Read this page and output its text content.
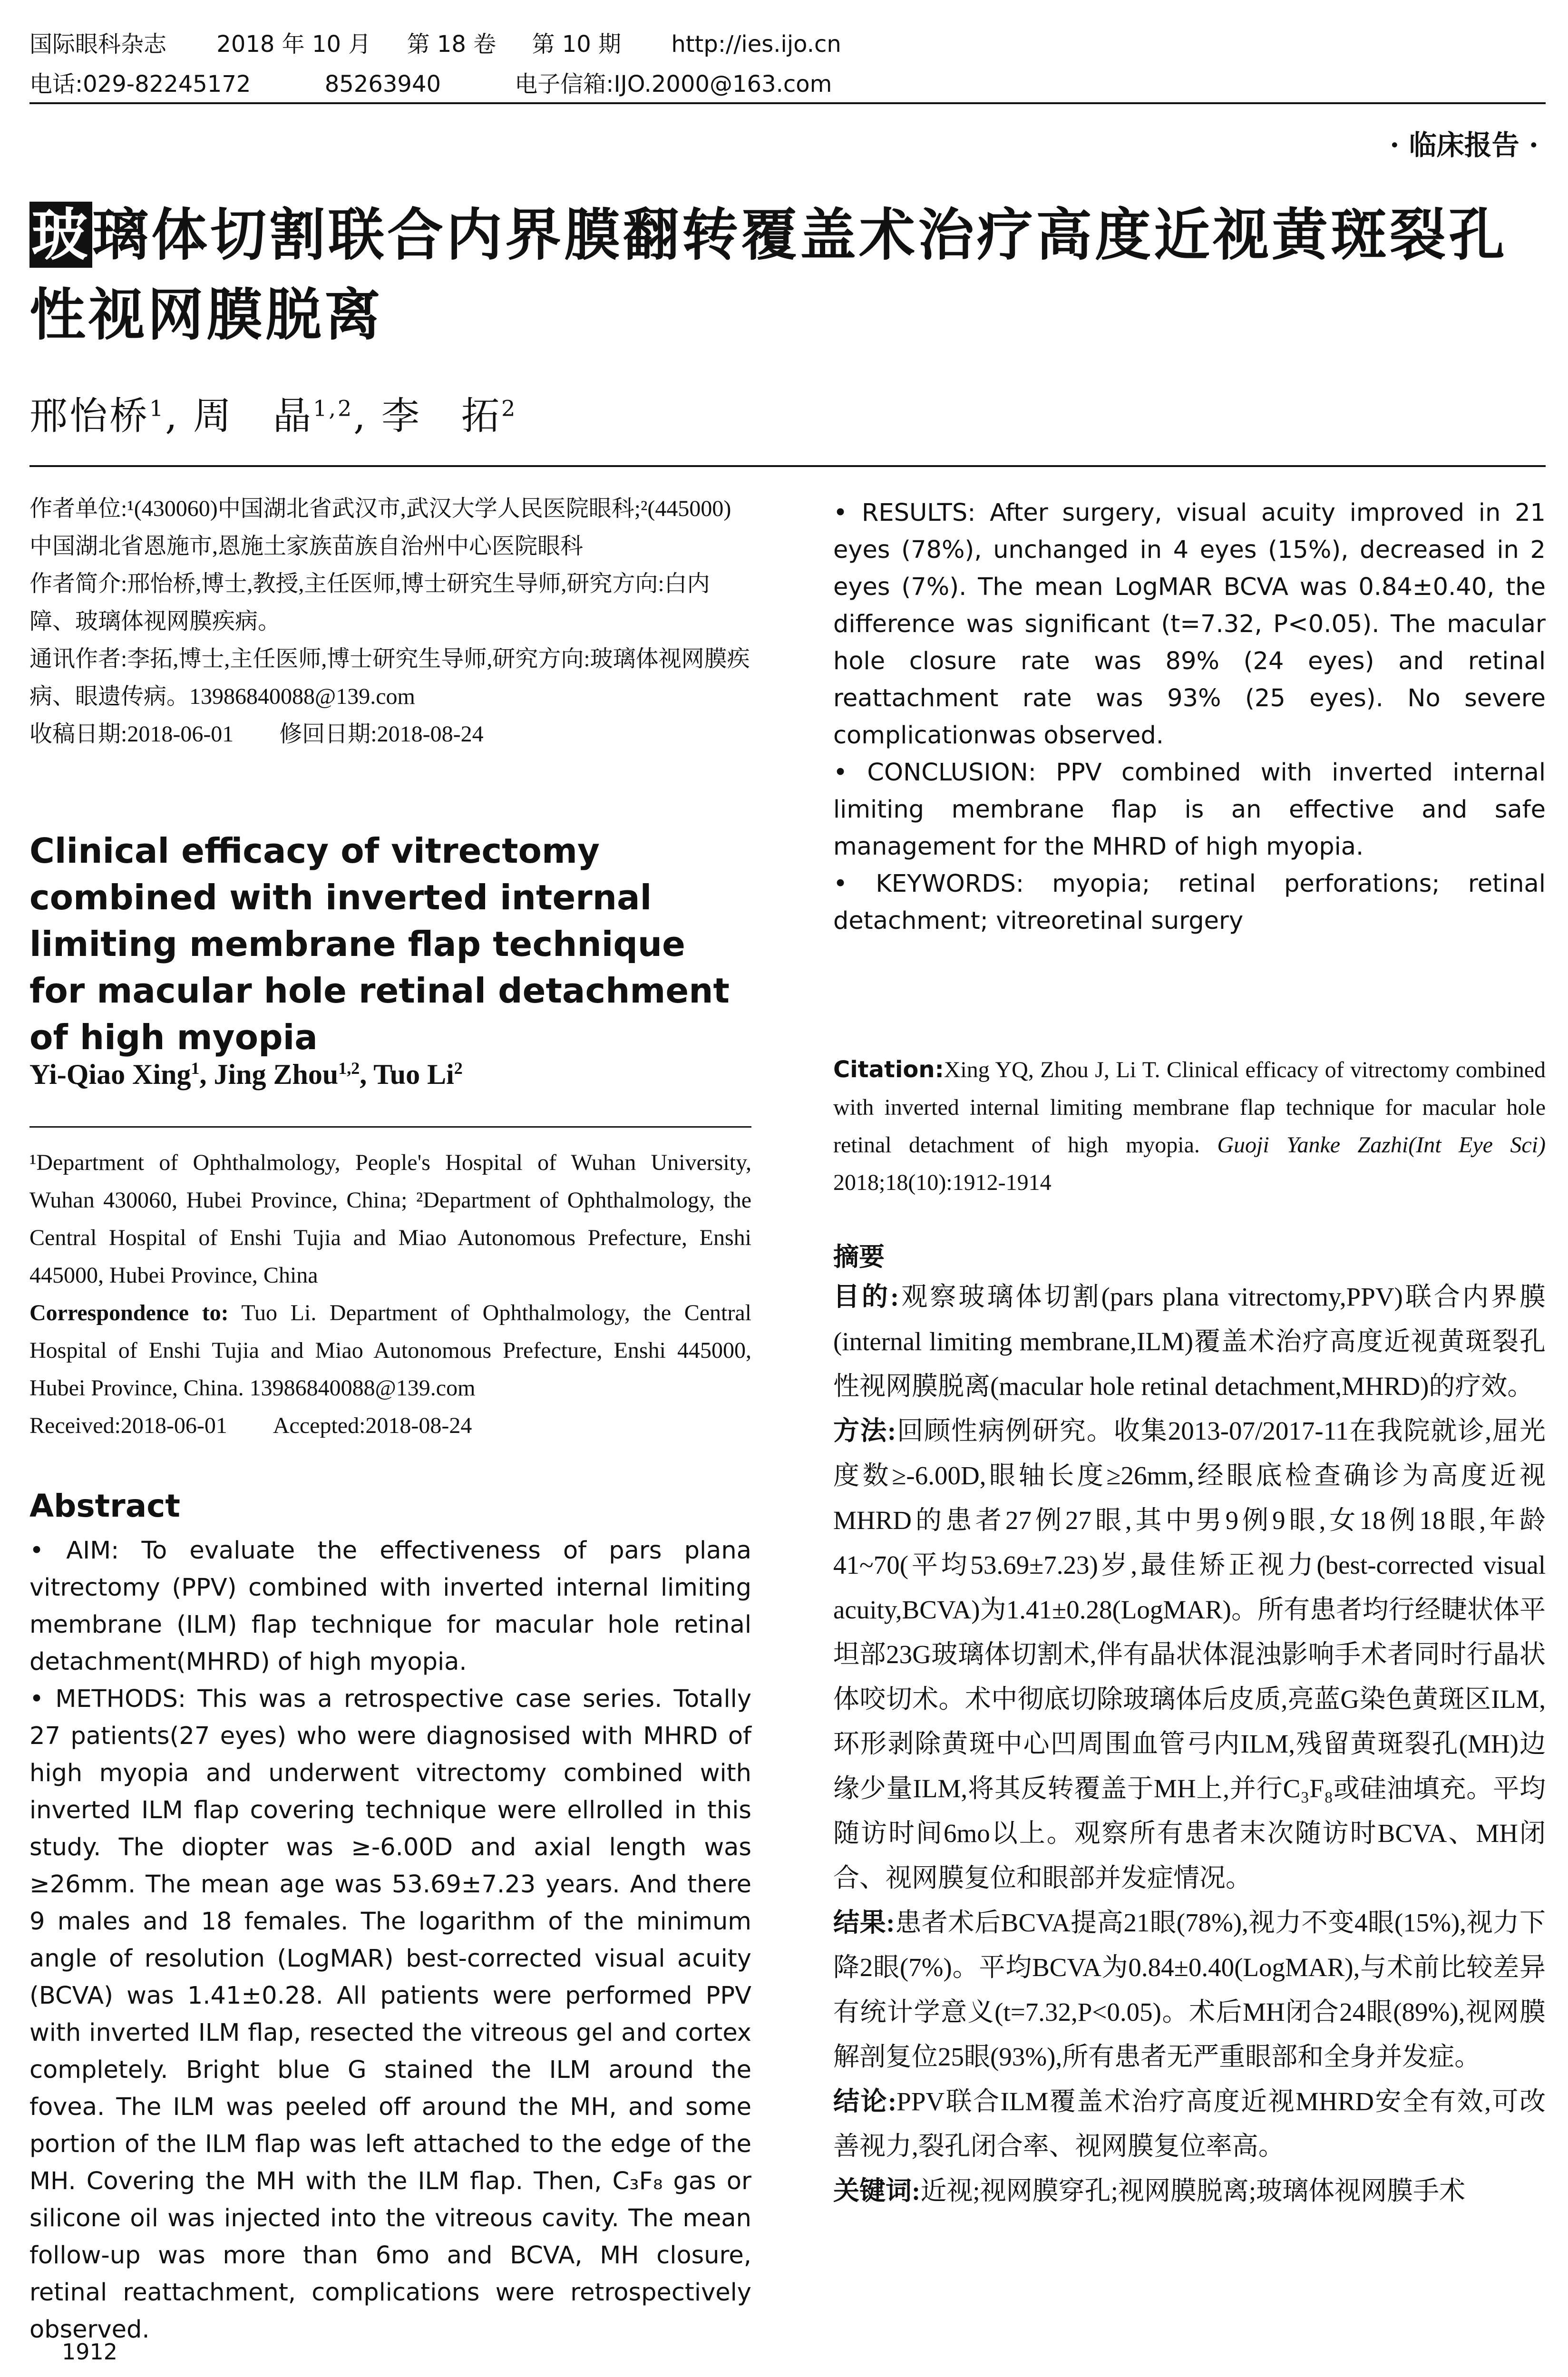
国际眼科杂志 2018 年 10 月 第 18 卷 第 10 期 http://ies.ijo.cn
电话:029-82245172	85263940	电子信箱:IJO.2000@163.com
· 临床报告 ·
玻璃体切割联合内界膜翻转覆盖术治疗高度近视黄斑裂孔性视网膜脱离
邢怡桥$^1$, 周　晶$^{1,2}$, 李　拓$^2$

作者单位:¹(430060)中国湖北省武汉市,武汉大学人民医院眼科;²(445000)中国湖北省恩施市,恩施土家族苗族自治州中心医院眼科

作者简介:邢怡桥,博士,教授,主任医师,博士研究生导师,研究方向:白内障、玻璃体视网膜疾病。

通讯作者:李拓,博士,主任医师,博士研究生导师,研究方向:玻璃体视网膜疾病、眼遗传病。13986840088@139.com

收稿日期:2018-06-01　　修回日期:2018-08-24

Clinical efficacy of vitrectomy combined with inverted internal limiting membrane flap technique for macular hole retinal detachment of high myopia
Yi-Qiao Xing$^1$, Jing Zhou$^{1,2}$, Tuo Li$^2$

¹Department of Ophthalmology, People's Hospital of Wuhan University, Wuhan 430060, Hubei Province, China; ²Department of Ophthalmology, the Central Hospital of Enshi Tujia and Miao Autonomous Prefecture, Enshi 445000, Hubei Province, China

Correspondence to: Tuo Li. Department of Ophthalmology, the Central Hospital of Enshi Tujia and Miao Autonomous Prefecture, Enshi 445000, Hubei Province, China. 13986840088@139.com

Received:2018-06-01　　Accepted:2018-08-24

Abstract

• AIM: To evaluate the effectiveness of pars plana vitrectomy (PPV) combined with inverted internal limiting membrane (ILM) flap technique for macular hole retinal detachment(MHRD) of high myopia.

• METHODS: This was a retrospective case series. Totally 27 patients(27 eyes) who were diagnosised with MHRD of high myopia and underwent vitrectomy combined with inverted ILM flap covering technique were ellrolled in this study. The diopter was ≥-6.00D and axial length was ≥26mm. The mean age was 53.69±7.23 years. And there 9 males and 18 females. The logarithm of the minimum angle of resolution (LogMAR) best-corrected visual acuity (BCVA) was 1.41±0.28. All patients were performed PPV with inverted ILM flap, resected the vitreous gel and cortex completely. Bright blue G stained the ILM around the fovea. The ILM was peeled off around the MH, and some portion of the ILM flap was left attached to the edge of the MH. Covering the MH with the ILM flap. Then, C₃F₈ gas or silicone oil was injected into the vitreous cavity. The mean follow-up was more than 6mo and BCVA, MH closure, retinal reattachment, complications were retrospectively observed.

1912

• RESULTS: After surgery, visual acuity improved in 21 eyes (78%), unchanged in 4 eyes (15%), decreased in 2 eyes (7%). The mean LogMAR BCVA was 0.84±0.40, the difference was significant (t=7.32, P<0.05). The macular hole closure rate was 89% (24 eyes) and retinal reattachment rate was 93% (25 eyes). No severe complicationwas observed.

• CONCLUSION: PPV combined with inverted internal limiting membrane flap is an effective and safe management for the MHRD of high myopia.

• KEYWORDS: myopia; retinal perforations; retinal detachment; vitreoretinal surgery

Citation:Xing YQ, Zhou J, Li T. Clinical efficacy of vitrectomy combined with inverted internal limiting membrane flap technique for macular hole retinal detachment of high myopia. Guoji Yanke Zazhi(Int Eye Sci) 2018;18(10):1912-1914
摘要

目的:观察玻璃体切割(pars plana vitrectomy,PPV)联合内界膜(internal limiting membrane,ILM)覆盖术治疗高度近视黄斑裂孔性视网膜脱离(macular hole retinal detachment,MHRD)的疗效。

方法:回顾性病例研究。收集2013-07/2017-11在我院就诊,屈光度数≥-6.00D,眼轴长度≥26mm,经眼底检查确诊为高度近视MHRD的患者27例27眼,其中男9例9眼,女18例18眼,年龄41~70(平均53.69±7.23)岁,最佳矫正视力(best-corrected visual acuity,BCVA)为1.41±0.28(LogMAR)。所有患者均行经睫状体平坦部23G玻璃体切割术,伴有晶状体混浊影响手术者同时行晶状体咬切术。术中彻底切除玻璃体后皮质,亮蓝G染色黄斑区ILM,环形剥除黄斑中心凹周围血管弓内ILM,残留黄斑裂孔(MH)边缘少量ILM,将其反转覆盖于MH上,并行C₃F₈或硅油填充。平均随访时间6mo以上。观察所有患者末次随访时BCVA、MH闭合、视网膜复位和眼部并发症情况。

结果:患者术后BCVA提高21眼(78%),视力不变4眼(15%),视力下降2眼(7%)。平均BCVA为0.84±0.40(LogMAR),与术前比较差异有统计学意义(t=7.32,P<0.05)。术后MH闭合24眼(89%),视网膜解剖复位25眼(93%),所有患者无严重眼部和全身并发症。

结论:PPV联合ILM覆盖术治疗高度近视MHRD安全有效,可改善视力,裂孔闭合率、视网膜复位率高。

关键词:近视;视网膜穿孔;视网膜脱离;玻璃体视网膜手术
